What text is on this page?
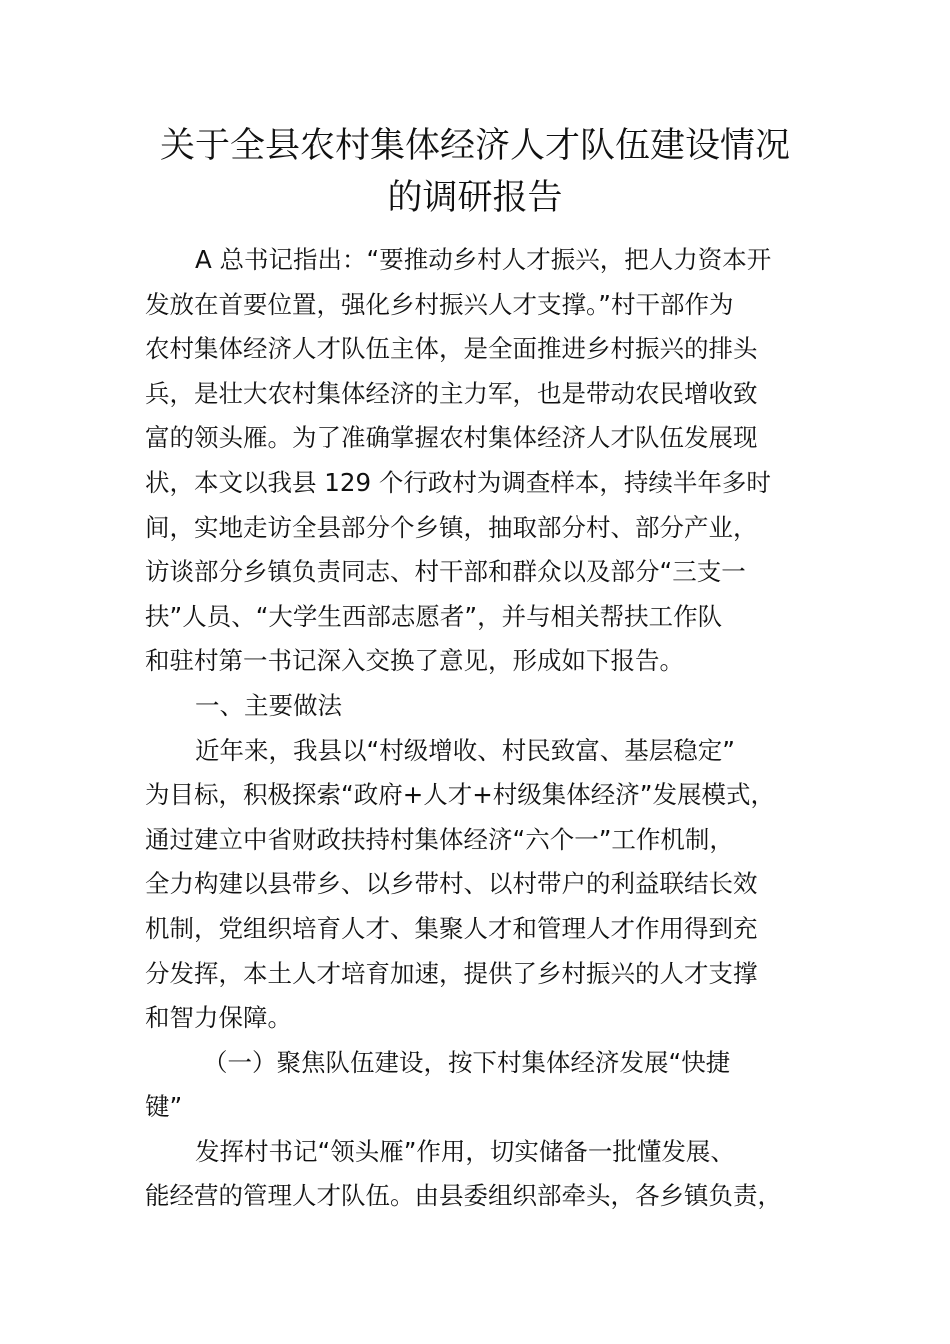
关于全县农村集体经济人才队伍建设情况
的调研报告
A 总书记指出：“要推动乡村人才振兴，把人力资本开
发放在首要位置，强化乡村振兴人才支撑。”村干部作为
农村集体经济人才队伍主体，是全面推进乡村振兴的排头
兵，是壮大农村集体经济的主力军，也是带动农民增收致
富的领头雁。为了准确掌握农村集体经济人才队伍发展现
状，本文以我县 129 个行政村为调查样本，持续半年多时
间，实地走访全县部分个乡镇，抽取部分村、部分产业，
访谈部分乡镇负责同志、村干部和群众以及部分“三支一
扶”人员、“大学生西部志愿者”，并与相关帮扶工作队
和驻村第一书记深入交换了意见，形成如下报告。
一、主要做法
近年来，我县以“村级增收、村民致富、基层稳定”
为目标，积极探索“政府+人才+村级集体经济”发展模式，
通过建立中省财政扶持村集体经济“六个一”工作机制，
全力构建以县带乡、以乡带村、以村带户的利益联结长效
机制，党组织培育人才、集聚人才和管理人才作用得到充
分发挥，本土人才培育加速，提供了乡村振兴的人才支撑
和智力保障。
（一）聚焦队伍建设，按下村集体经济发展“快捷
键”
发挥村书记“领头雁”作用，切实储备一批懂发展、
能经营的管理人才队伍。由县委组织部牵头，各乡镇负责，
